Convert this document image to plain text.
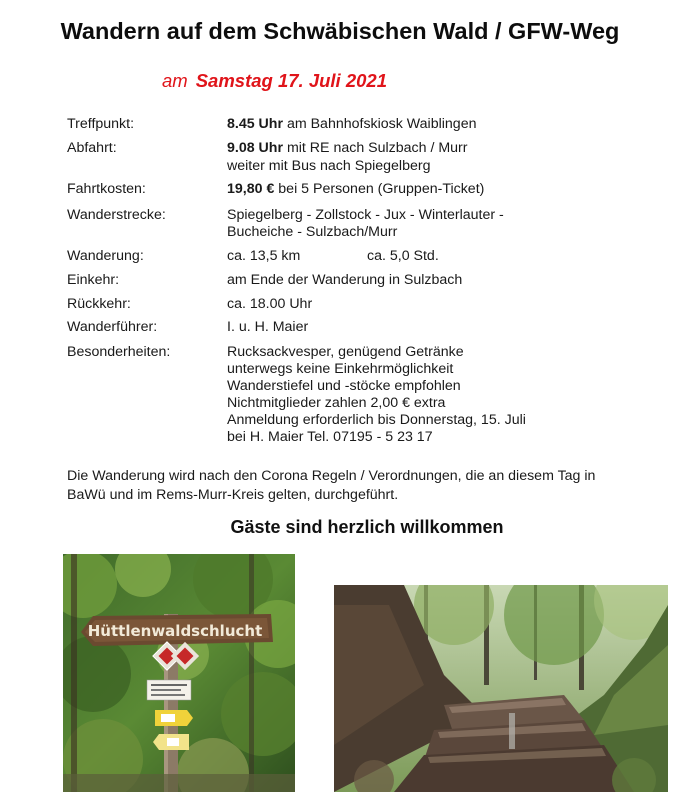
Wandern auf dem Schwäbischen Wald / GFW-Weg
am Samstag 17. Juli 2021
Treffpunkt:	8.45 Uhr am Bahnhofskiosk Waiblingen
Abfahrt:	9.08 Uhr mit RE nach Sulzbach / Murr
weiter mit Bus nach Spiegelberg
Fahrtkosten:	19,80 € bei 5 Personen (Gruppen-Ticket)
Wanderstrecke:	Spiegelberg - Zollstock - Jux - Winterlauter -
Bucheiche - Sulzbach/Murr
Wanderung:	ca. 13,5 km	ca. 5,0 Std.
Einkehr:	am Ende der Wanderung in Sulzbach
Rückkehr:	ca. 18.00 Uhr
Wanderführer:	I. u. H. Maier
Besonderheiten:	Rucksackvesper, genügend Getränke
unterwegs keine Einkehrmöglichkeit
Wanderstiefel und -stöcke empfohlen
Nichtmitglieder zahlen 2,00 € extra
Anmeldung erforderlich bis Donnerstag, 15. Juli
bei H. Maier Tel. 07195 - 5 23 17
Die Wanderung wird nach den Corona Regeln / Verordnungen, die an diesem Tag in
BaWü und im Rems-Murr-Kreis gelten, durchgeführt.
Gäste sind herzlich willkommen
Hüttlenwaldschlucht
